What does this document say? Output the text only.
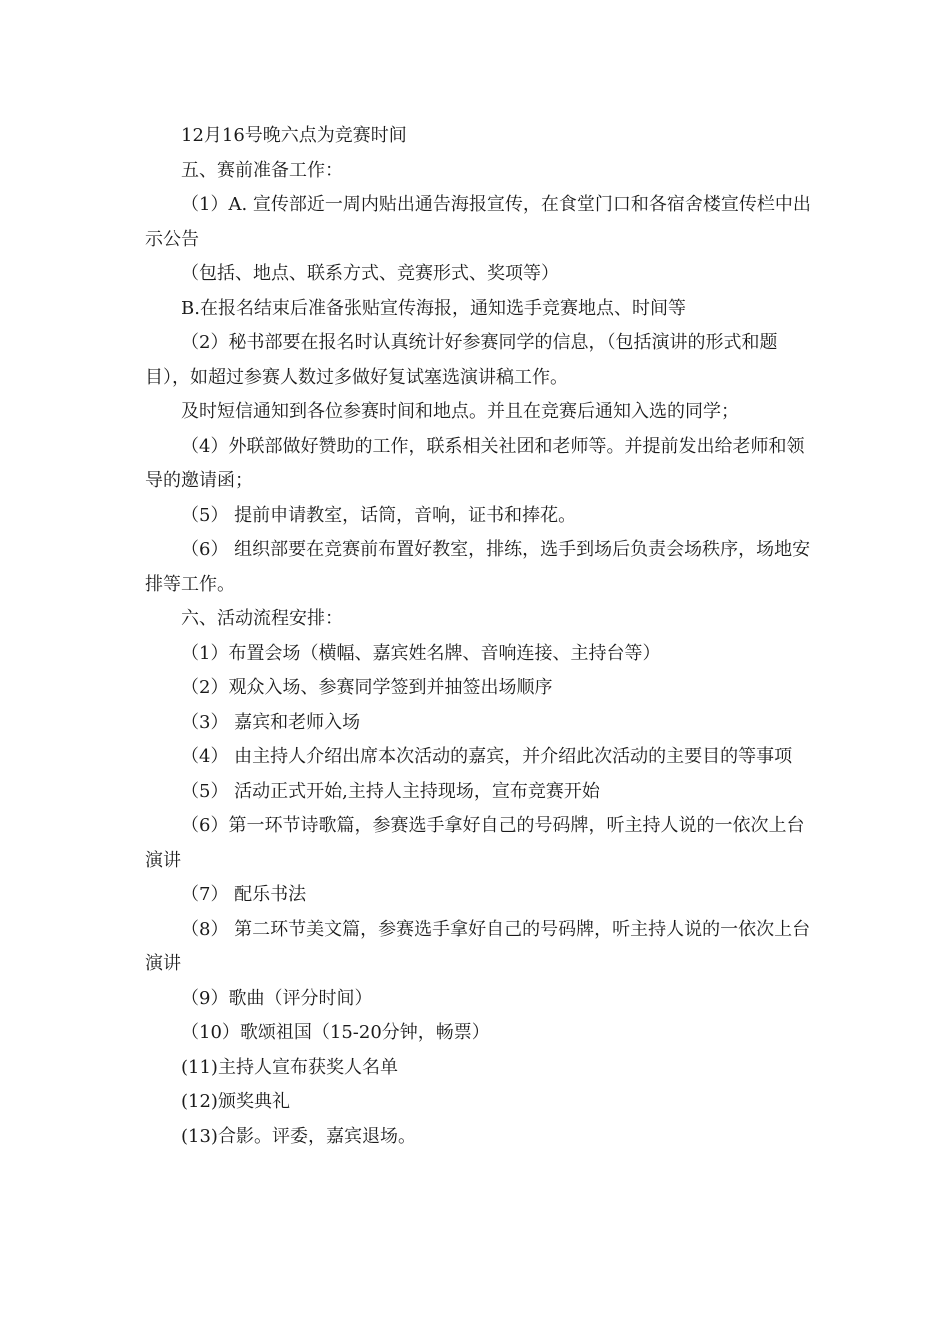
12月16号晚六点为竞赛时间

五、赛前准备工作：

（1）A. 宣传部近一周内贴出通告海报宣传，在食堂门口和各宿舍楼宣传栏中出示公告

（包括、地点、联系方式、竞赛形式、奖项等）

B.在报名结束后准备张贴宣传海报，通知选手竞赛地点、时间等

（2）秘书部要在报名时认真统计好参赛同学的信息，（包括演讲的形式和题目），如超过参赛人数过多做好复试塞选演讲稿工作。

及时短信通知到各位参赛时间和地点。并且在竞赛后通知入选的同学；

（4）外联部做好赞助的工作，联系相关社团和老师等。并提前发出给老师和领导的邀请函；

（5） 提前申请教室，话筒，音响，证书和捧花。

（6） 组织部要在竞赛前布置好教室，排练，选手到场后负责会场秩序，场地安排等工作。

六、活动流程安排：

（1）布置会场（横幅、嘉宾姓名牌、音响连接、主持台等）

（2）观众入场、参赛同学签到并抽签出场顺序

（3） 嘉宾和老师入场

（4） 由主持人介绍出席本次活动的嘉宾，并介绍此次活动的主要目的等事项

（5） 活动正式开始,主持人主持现场，宣布竞赛开始

（6）第一环节诗歌篇，参赛选手拿好自己的号码牌，听主持人说的一依次上台演讲

（7） 配乐书法

（8） 第二环节美文篇，参赛选手拿好自己的号码牌，听主持人说的一依次上台演讲

（9）歌曲（评分时间）

（10）歌颂祖国（15-20分钟，畅票）

(11)主持人宣布获奖人名单

(12)颁奖典礼

(13)合影。评委，嘉宾退场。
